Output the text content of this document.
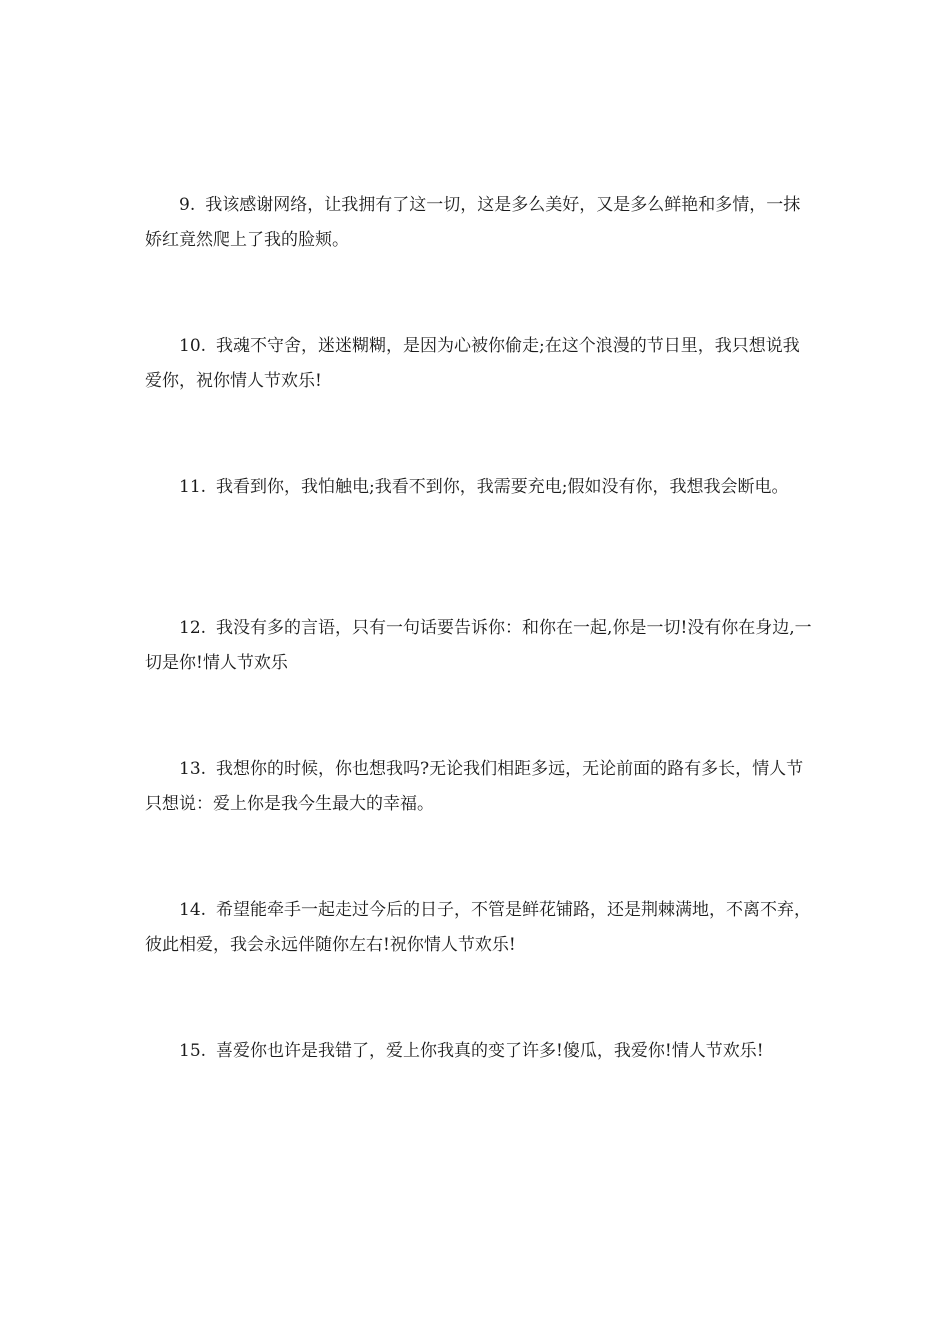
9. 我该感谢网络，让我拥有了这一切，这是多么美好，又是多么鲜艳和多情，一抹娇红竟然爬上了我的脸颊。

10. 我魂不守舍，迷迷糊糊，是因为心被你偷走;在这个浪漫的节日里，我只想说我爱你，祝你情人节欢乐!

11. 我看到你，我怕触电;我看不到你，我需要充电;假如没有你，我想我会断电。

12. 我没有多的言语，只有一句话要告诉你：和你在一起,你是一切!没有你在身边,一切是你!情人节欢乐

13. 我想你的时候，你也想我吗?无论我们相距多远，无论前面的路有多长，情人节只想说：爱上你是我今生最大的幸福。

14. 希望能牵手一起走过今后的日子，不管是鲜花铺路，还是荆棘满地，不离不弃，彼此相爱，我会永远伴随你左右!祝你情人节欢乐!

15. 喜爱你也许是我错了，爱上你我真的变了许多!傻瓜，我爱你!情人节欢乐!
